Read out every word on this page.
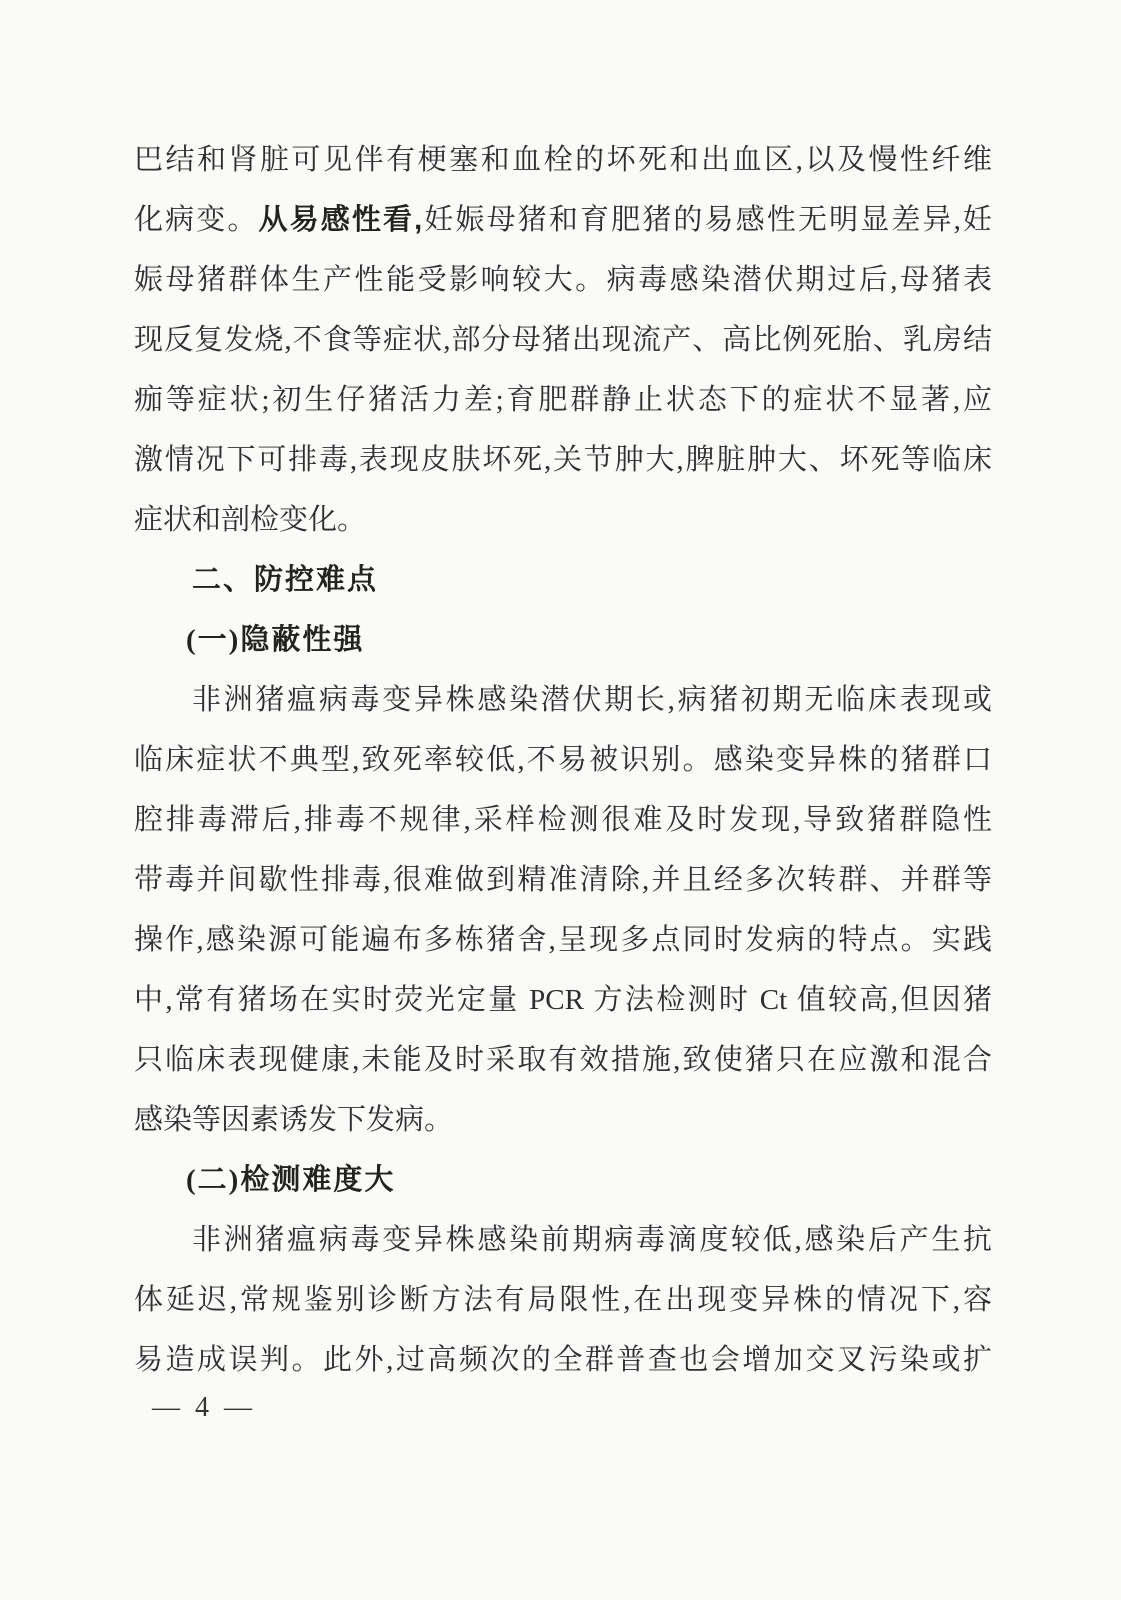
巴结和肾脏可见伴有梗塞和血栓的坏死和出血区,以及慢性纤维

化病变。从易感性看,妊娠母猪和育肥猪的易感性无明显差异,妊

娠母猪群体生产性能受影响较大。病毒感染潜伏期过后,母猪表

现反复发烧,不食等症状,部分母猪出现流产、高比例死胎、乳房结

痂等症状;初生仔猪活力差;育肥群静止状态下的症状不显著,应

激情况下可排毒,表现皮肤坏死,关节肿大,脾脏肿大、坏死等临床

症状和剖检变化。

二、防控难点

(一)隐蔽性强

非洲猪瘟病毒变异株感染潜伏期长,病猪初期无临床表现或

临床症状不典型,致死率较低,不易被识别。感染变异株的猪群口

腔排毒滞后,排毒不规律,采样检测很难及时发现,导致猪群隐性

带毒并间歇性排毒,很难做到精准清除,并且经多次转群、并群等

操作,感染源可能遍布多栋猪舍,呈现多点同时发病的特点。实践

中,常有猪场在实时荧光定量 PCR 方法检测时 Ct 值较高,但因猪

只临床表现健康,未能及时采取有效措施,致使猪只在应激和混合

感染等因素诱发下发病。

(二)检测难度大

非洲猪瘟病毒变异株感染前期病毒滴度较低,感染后产生抗

体延迟,常规鉴别诊断方法有局限性,在出现变异株的情况下,容

易造成误判。此外,过高频次的全群普查也会增加交叉污染或扩

— 4 —
